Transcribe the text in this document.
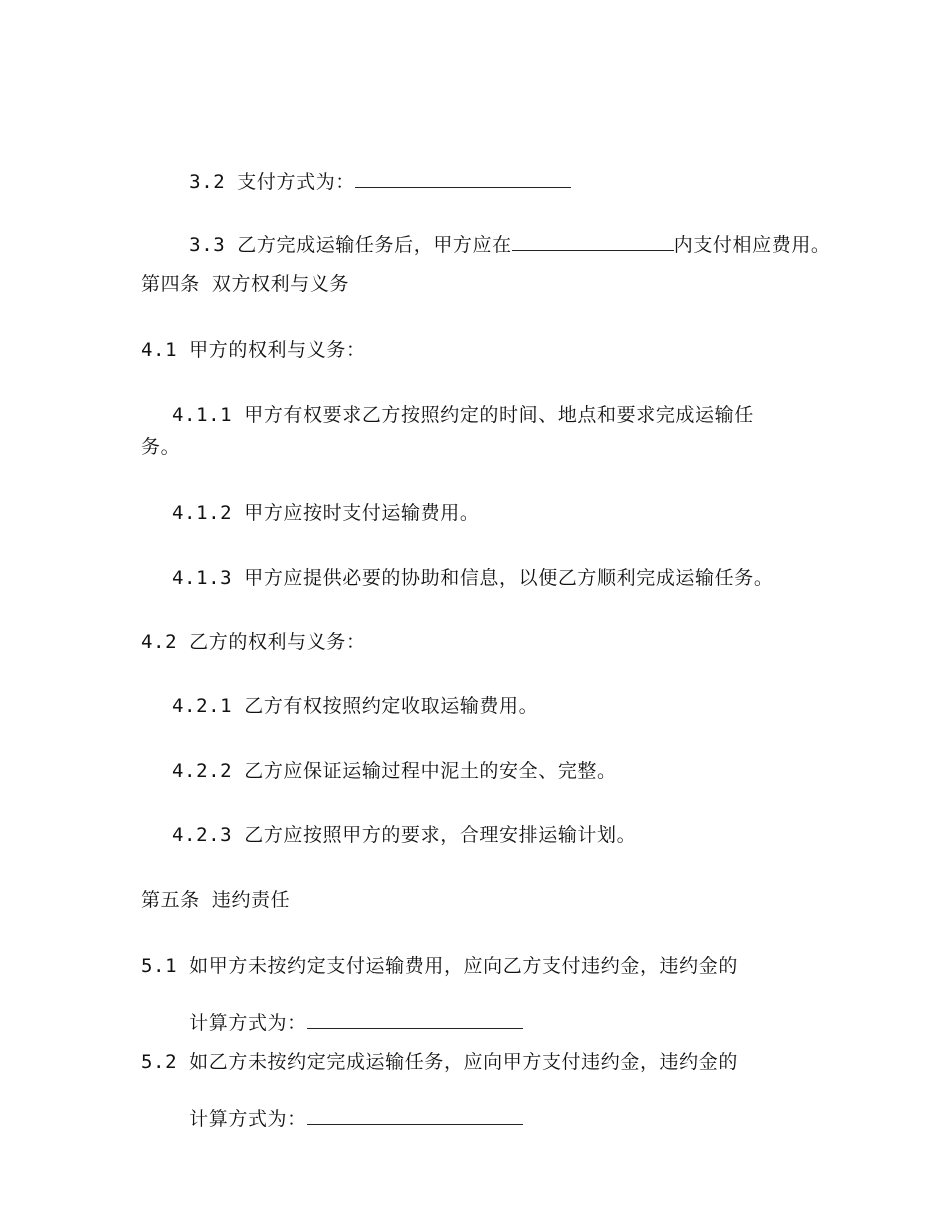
3.2 支付方式为：

3.3 乙方完成运输任务后，甲方应在	内支付相应费用。

第四条 双方权利与义务
4.1 甲方的权利与义务：
4.1.1 甲方有权要求乙方按照约定的时间、地点和要求完成运输任
务。
4.1.2 甲方应按时支付运输费用。
4.1.3 甲方应提供必要的协助和信息，以便乙方顺利完成运输任务。
4.2 乙方的权利与义务：
4.2.1 乙方有权按照约定收取运输费用。
4.2.2 乙方应保证运输过程中泥土的安全、完整。
4.2.3 乙方应按照甲方的要求，合理安排运输计划。
第五条 违约责任
5.1 如甲方未按约定支付运输费用，应向乙方支付违约金，违约金的

计算方式为：

5.2 如乙方未按约定完成运输任务，应向甲方支付违约金，违约金的

计算方式为：
